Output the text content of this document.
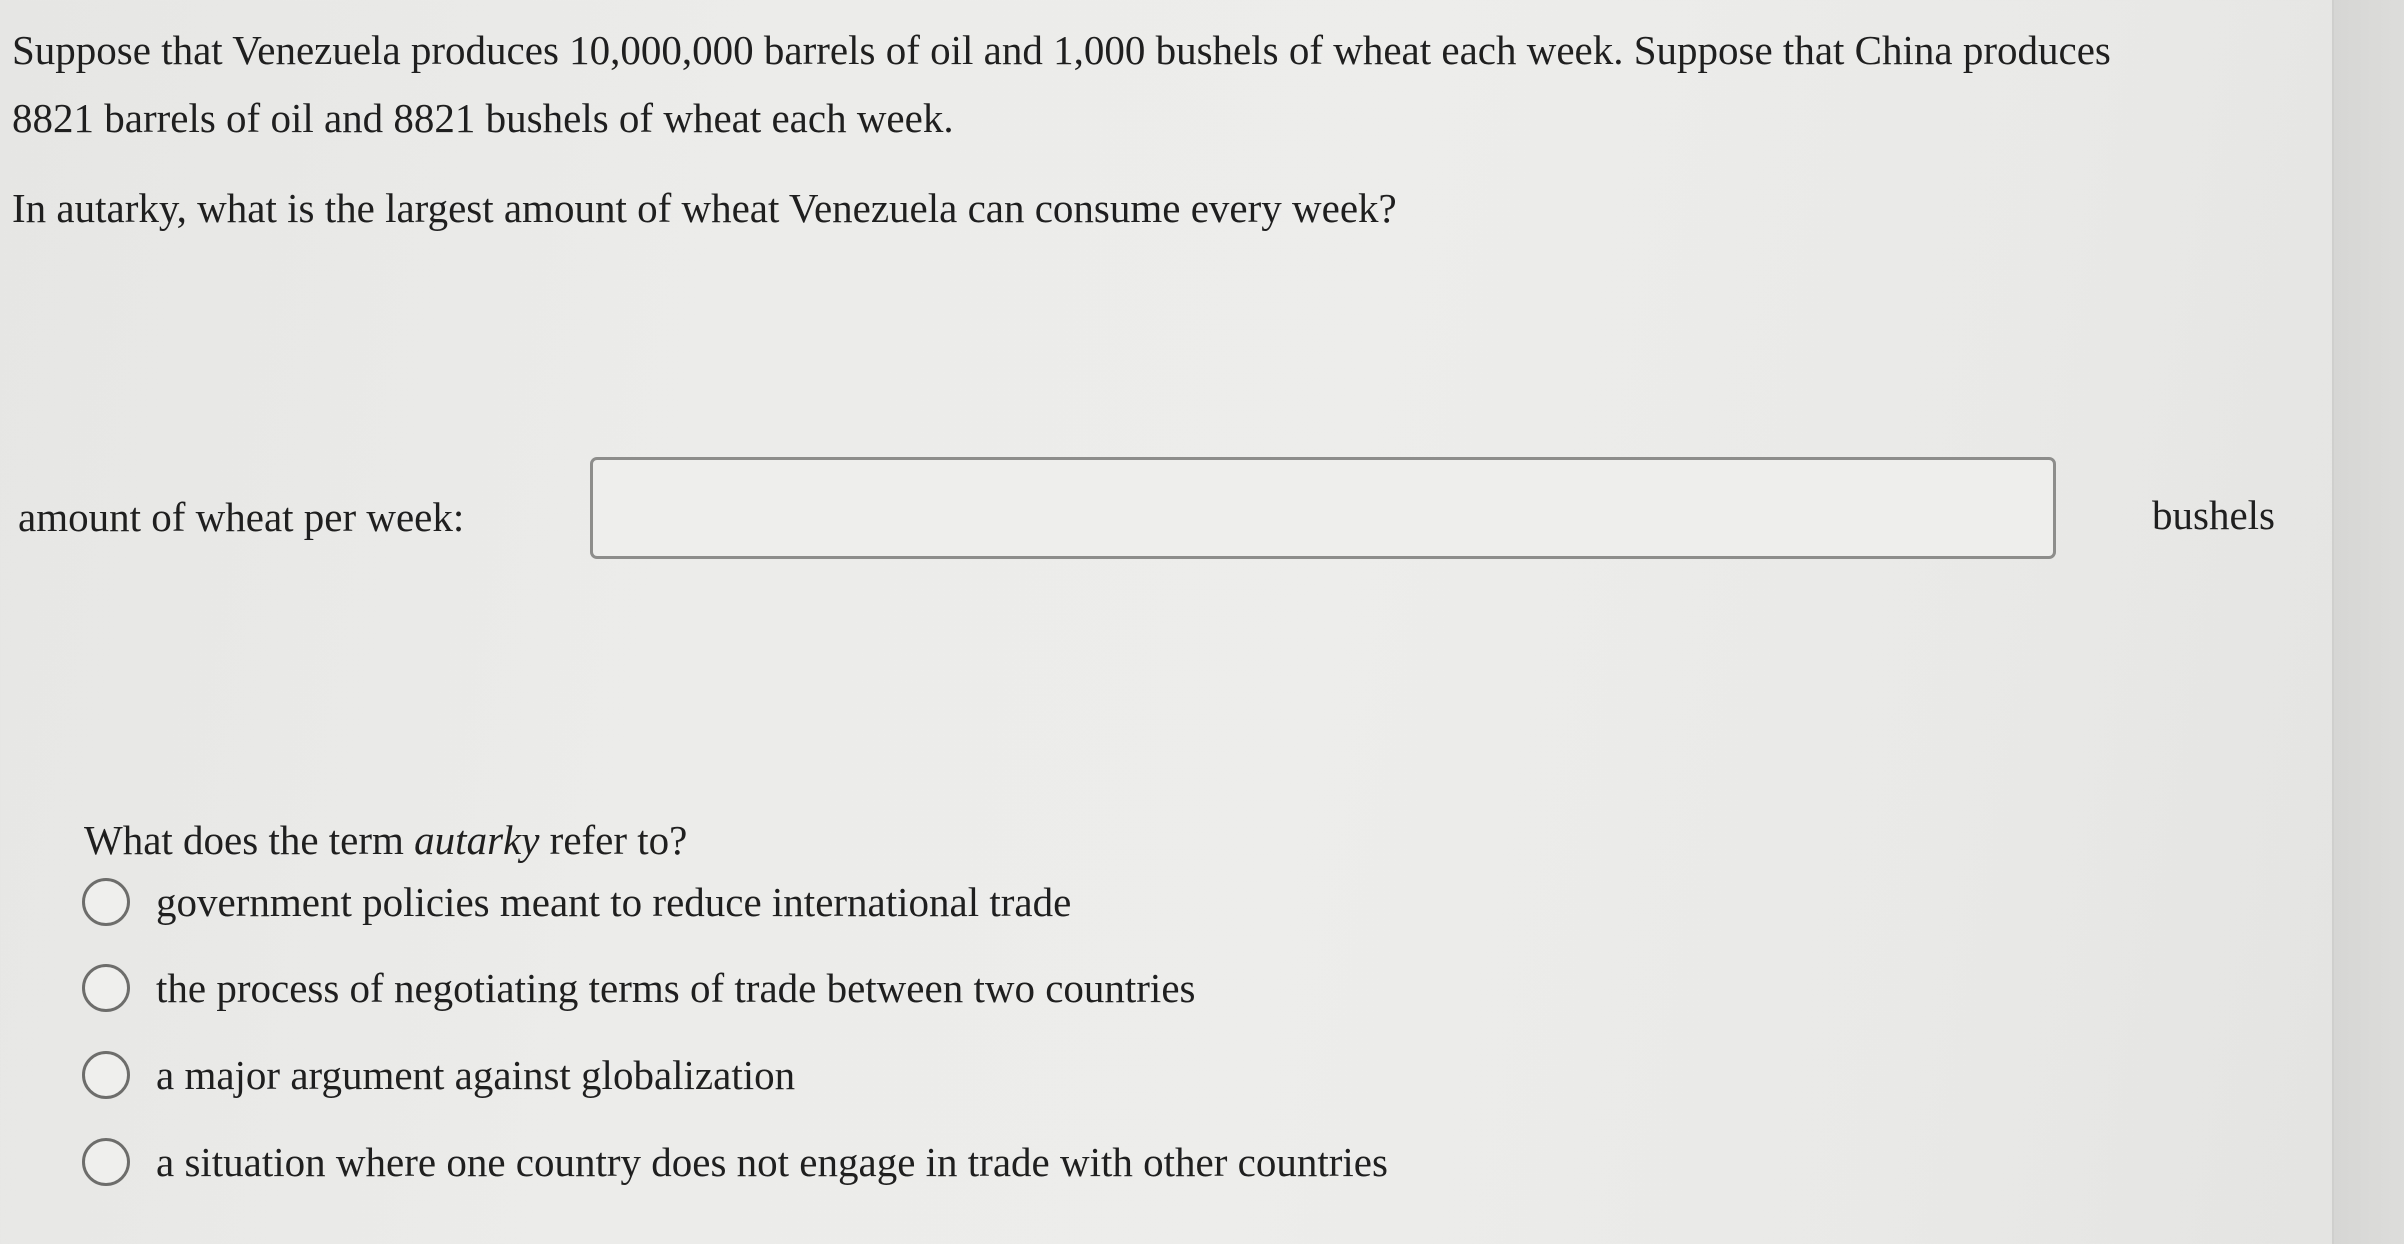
Suppose that Venezuela produces 10,000,000 barrels of oil and 1,000 bushels of wheat each week. Suppose that China produces
8821 barrels of oil and 8821 bushels of wheat each week.
In autarky, what is the largest amount of wheat Venezuela can consume every week?
amount of wheat per week:	bushels
What does the term autarky refer to?
government policies meant to reduce international trade
the process of negotiating terms of trade between two countries
a major argument against globalization
a situation where one country does not engage in trade with other countries
